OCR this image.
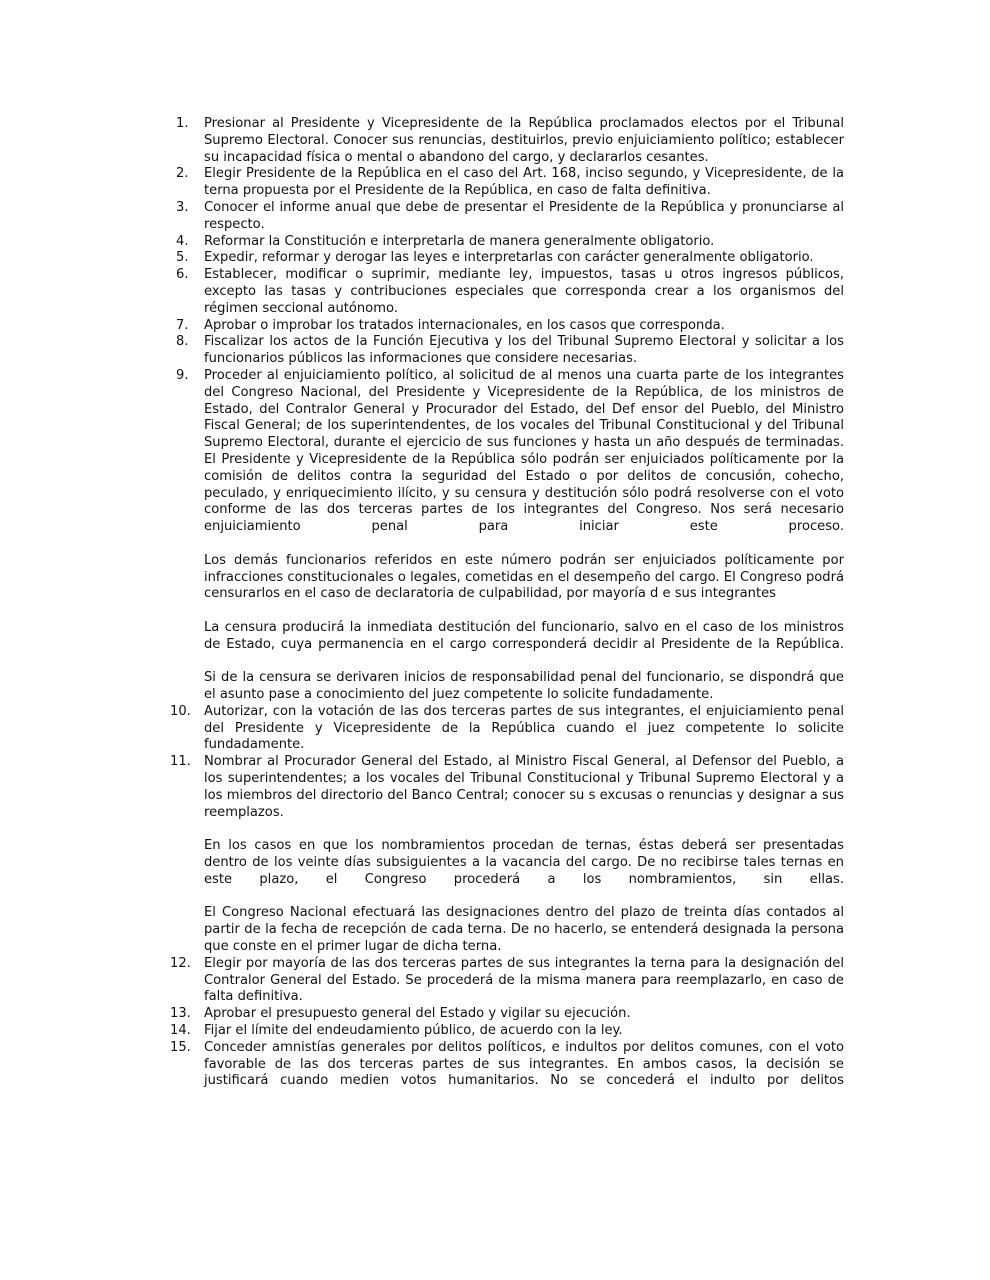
1.	Presionar al Presidente y Vicepresidente de la República proclamados electos por el Tribunal Supremo Electoral. Conocer sus renuncias, destituirlos, previo enjuiciamiento político; establecer su incapacidad física o mental o abandono del cargo, y declararlos cesantes.
2.	Elegir Presidente de la República en el caso del Art. 168, inciso segundo, y Vicepresidente, de la terna propuesta por el Presidente de la República, en caso de falta definitiva.
3.	Conocer el informe anual que debe de presentar el Presidente de la República y pronunciarse al respecto.
4.	Reformar la Constitución e interpretarla de manera generalmente obligatorio.
5.	Expedir, reformar y derogar las leyes e interpretarlas con carácter generalmente obligatorio.
6.	Establecer, modificar o suprimir, mediante ley, impuestos, tasas u otros ingresos públicos, excepto las tasas y contribuciones especiales que corresponda crear a los organismos del régimen seccional autónomo.
7.	Aprobar o improbar los tratados internacionales, en los casos que corresponda.
8.	Fiscalizar los actos de la Función Ejecutiva y los del Tribunal Supremo Electoral y solicitar a los funcionarios públicos las informaciones que considere necesarias.
9.	Proceder al enjuiciamiento político, al solicitud de al menos una cuarta parte de los integrantes del Congreso Nacional, del Presidente y Vicepresidente de la República, de los ministros de Estado, del Contralor General y Procurador del Estado, del Def ensor del Pueblo, del Ministro Fiscal General; de los superintendentes, de los vocales del Tribunal Constitucional y del Tribunal Supremo Electoral, durante el ejercicio de sus funciones y hasta un año después de terminadas.
El Presidente y Vicepresidente de la República sólo podrán ser enjuiciados políticamente por la comisión de delitos contra la seguridad del Estado o por delitos de concusión, cohecho, peculado, y enriquecimiento ilícito, y su censura y destitución sólo podrá resolverse con el voto conforme de las dos terceras partes de los integrantes del Congreso. Nos será necesario enjuiciamiento penal para iniciar este proceso.
Los demás funcionarios referidos en este número podrán ser enjuiciados políticamente por infracciones constitucionales o legales, cometidas en el desempeño del cargo. El Congreso podrá censurarlos en el caso de declaratoria de culpabilidad, por mayoría d e sus integrantes
La censura producirá la inmediata destitución del funcionario, salvo en el caso de los ministros de Estado, cuya permanencia en el cargo corresponderá decidir al Presidente de la República.
Si de la censura se derivaren inicios de responsabilidad penal del funcionario, se dispondrá que el asunto pase a conocimiento del juez competente lo solicite fundadamente.
10.	Autorizar, con la votación de las dos terceras partes de sus integrantes, el enjuiciamiento penal del Presidente y Vicepresidente de la República cuando el juez competente lo solicite fundadamente.
11.	Nombrar al Procurador General del Estado, al Ministro Fiscal General, al Defensor del Pueblo, a los superintendentes; a los vocales del Tribunal Constitucional y Tribunal Supremo Electoral y a los miembros del directorio del Banco Central; conocer su s excusas o renuncias y designar a sus reemplazos.
En los casos en que los nombramientos procedan de ternas, éstas deberá ser presentadas dentro de los veinte días subsiguientes a la vacancia del cargo. De no recibirse tales ternas en este plazo, el Congreso procederá a los nombramientos, sin ellas.
El Congreso Nacional efectuará las designaciones dentro del plazo de treinta días contados al partir de la fecha de recepción de cada terna. De no hacerlo, se entenderá designada la persona que conste en el primer lugar de dicha terna.
12.	Elegir por mayoría de las dos terceras partes de sus integrantes la terna para la designación del Contralor General del Estado. Se procederá de la misma manera para reemplazarlo, en caso de falta definitiva.
13.	Aprobar el presupuesto general del Estado y vigilar su ejecución.
14.	Fijar el límite del endeudamiento público, de acuerdo con la ley.
15.	Conceder amnistías generales por delitos políticos, e indultos por delitos comunes, con el voto favorable de las dos terceras partes de sus integrantes. En ambos casos, la decisión se justificará cuando medien votos humanitarios. No se concederá el indulto por delitos
